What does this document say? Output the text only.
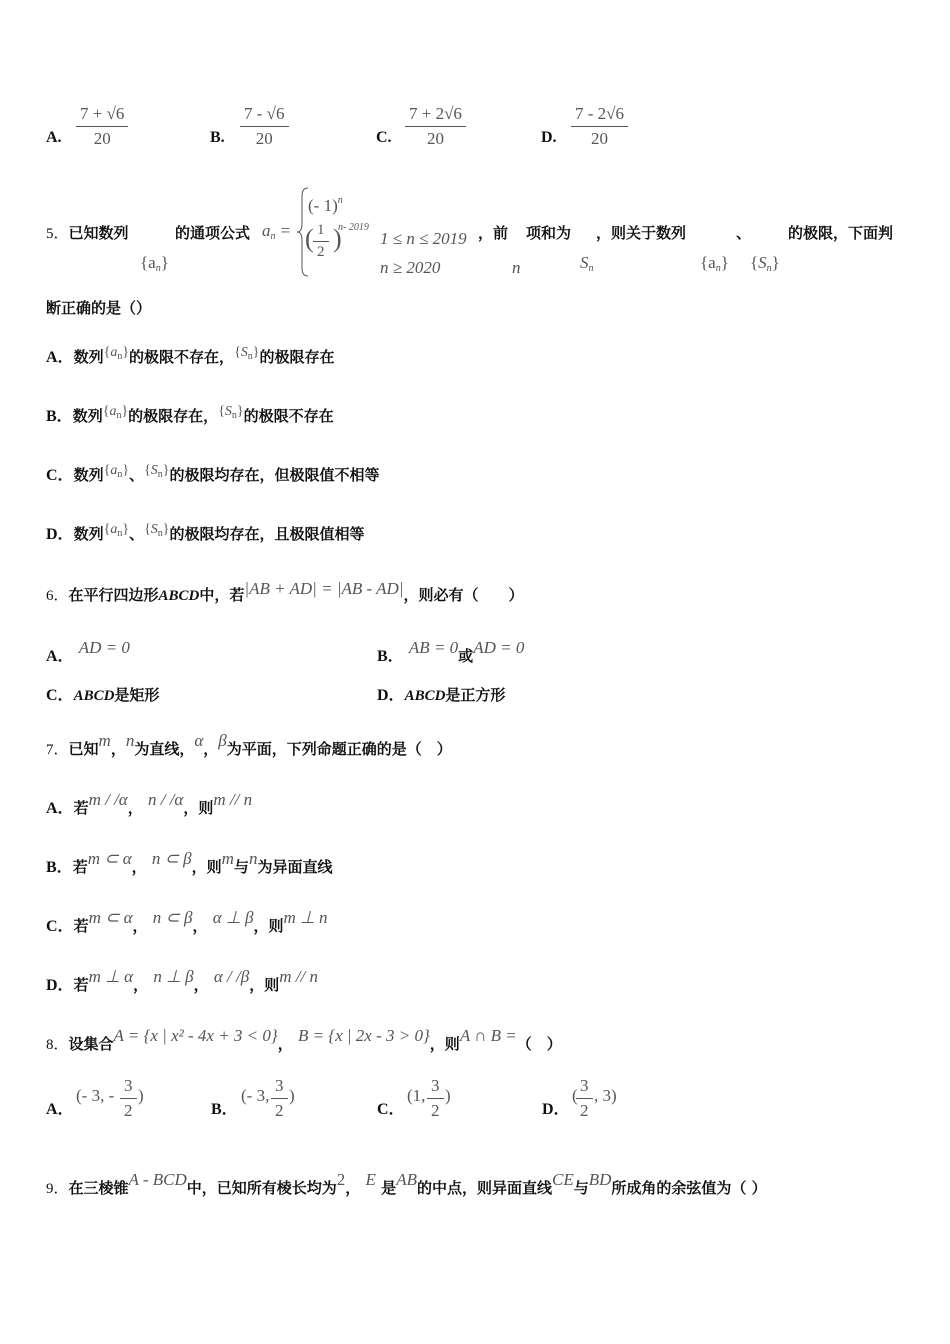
A. $\frac{7 + √6}{20}$	B. $\frac{7 - √6}{20}$	C. $\frac{7 + 2√6}{20}$	D. $\frac{7 - 2√6}{20}$
5．已知数列
$\{a_n\}$
的通项公式 $a_n$ =
(- 1)$^n$
( $\frac{1}{2}$ )
n- 2019
1 ≤ n ≤ 2019
n ≥ 2020
，前
n
项和为
$S_n$
，则关于数列
$\{a_n\}$
、
$\{S_n\}$
的极限，下面判
断正确的是（）
A．数列$\{a_n\}$的极限不存在，$\{S_n\}$的极限存在
B．数列$\{a_n\}$的极限存在，$\{S_n\}$的极限不存在
C．数列$\{a_n\}$、$\{S_n\}$的极限均存在，但极限值不相等
D．数列$\{a_n\}$、$\{S_n\}$的极限均存在，且极限值相等
6．在平行四边形ABCD中，若|AB + AD| = |AB - AD|，则必有（　　）
A． AD = 0	B． AB = 0或AD = 0
C．ABCD是矩形	D．ABCD是正方形
7．已知m，n为直线，α，β为平面，下列命题正确的是（　）
A．若m / /α， n / /α，则m // n
B．若m ⊂ α， n ⊂ β，则m与n为异面直线
C．若m ⊂ α， n ⊂ β， α ⊥ β，则m ⊥ n
D．若m ⊥ α， n ⊥ β， α / /β，则m // n
8．设集合A = {x | x² - 4x + 3 < 0}， B = {x | 2x - 3 > 0}，则A ∩ B =（　）
A．
(- 3, - $\frac{3}{2}$ )
B．
(- 3, $\frac{3}{2}$ )
C．
(1, $\frac{3}{2}$ )
D．
(
$\frac{3}{2}$ , 3)
9．在三棱锥A - BCD中，已知所有棱长均为2， E 是AB的中点，则异面直线CE与BD所成角的余弦值为（ ）
